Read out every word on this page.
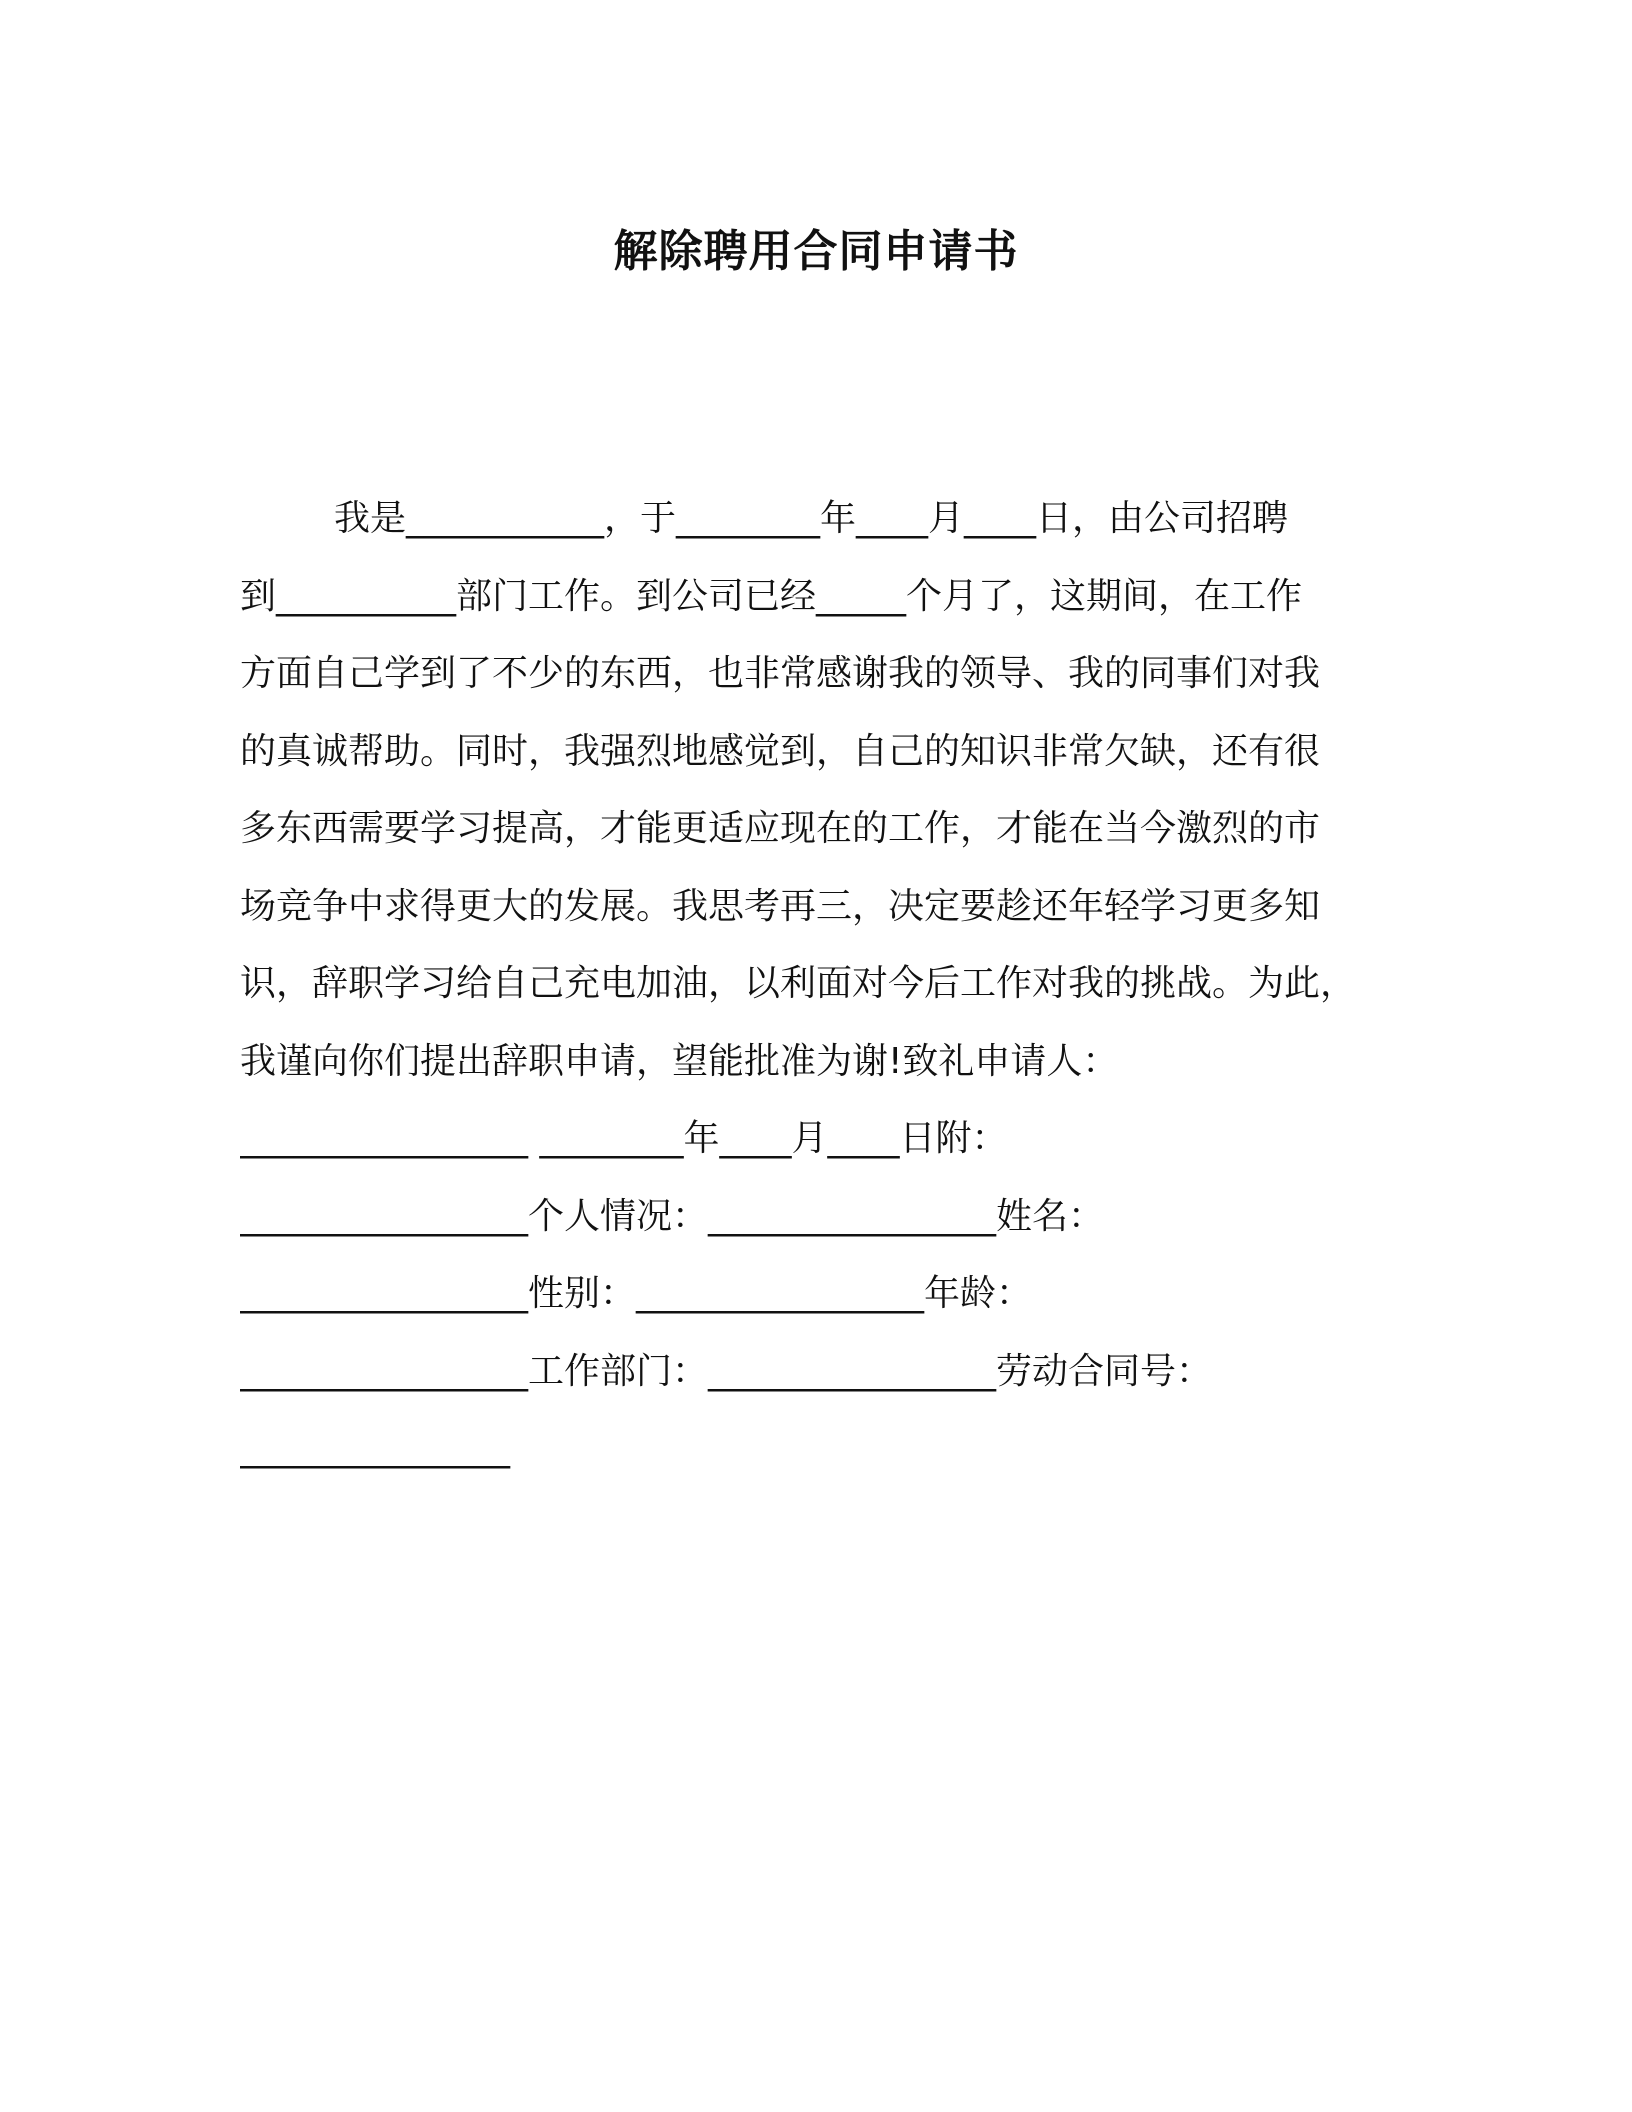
解除聘用合同申请书
我是___________，于________年____月____日，由公司招聘
到__________部门工作。到公司已经_____个月了，这期间，在工作
方面自己学到了不少的东西，也非常感谢我的领导、我的同事们对我
的真诚帮助。同时，我强烈地感觉到，自己的知识非常欠缺，还有很
多东西需要学习提高，才能更适应现在的工作，才能在当今激烈的市
场竞争中求得更大的发展。我思考再三，决定要趁还年轻学习更多知
识，辞职学习给自己充电加油，以利面对今后工作对我的挑战。为此，
我谨向你们提出辞职申请，望能批准为谢!致礼申请人：
________________ ________年____月____日附：
________________个人情况：________________姓名：
________________性别：________________年龄：
________________工作部门：________________劳动合同号：
_______________
